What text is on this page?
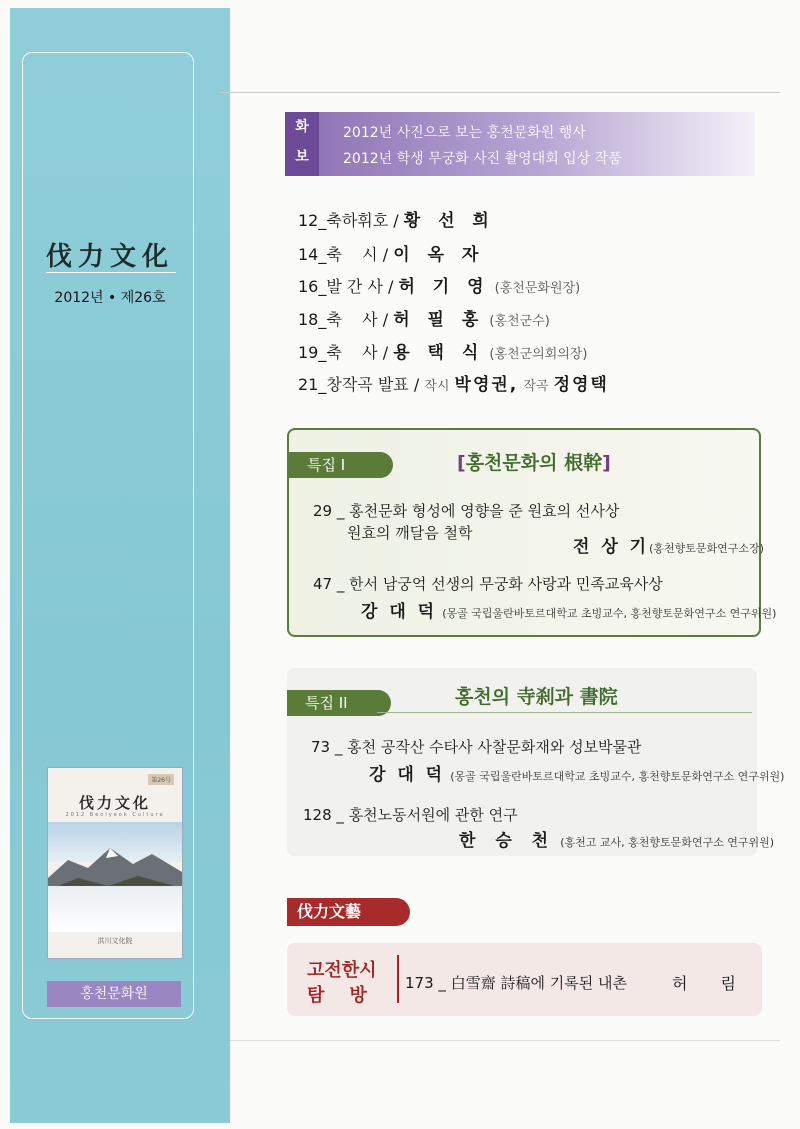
伐力文化
2012년 • 제26호
第26号
伐力文化
2012 Beolyeok Culture
洪川文化院
홍천문화원
화
보
2012년 사진으로 보는 홍천문화원 행사
2012년 학생 무궁화 사진 촬영대회 입상 작품
12_축하휘호 / 황 선 희
14_축    시 / 이 옥 자
16_발 간 사 / 허 기 영 (홍천문화원장)
18_축    사 / 허 필 홍 (홍천군수)
19_축    사 / 용 택 식 (홍천군의회의장)
21_창작곡 발표 / 작시 박영권, 작곡 정영택
특집 I	[홍천문화의 根幹]
29 _ 홍천문화 형성에 영향을 준 원효의 선사상
원효의 깨달음 철학
전 상 기(홍천향토문화연구소장)
47 _ 한서 남궁억 선생의 무궁화 사랑과 민족교육사상
강 대 덕 (몽골 국립울란바토르대학교 초빙교수, 홍천향토문화연구소 연구위원)
특집 II	홍천의 寺刹과 書院
73 _ 홍천 공작산 수타사 사찰문화재와 성보박물관
강 대 덕 (몽골 국립울란바토르대학교 초빙교수, 홍천향토문화연구소 연구위원)
128 _ 홍천노동서원에 관한 연구
한 승 천 (홍천고 교사, 홍천향토문화연구소 연구위원)
伐力文藝
고전한시
탐    방
173 _ 白雪齋 詩稿에 기록된 내촌	허 림
